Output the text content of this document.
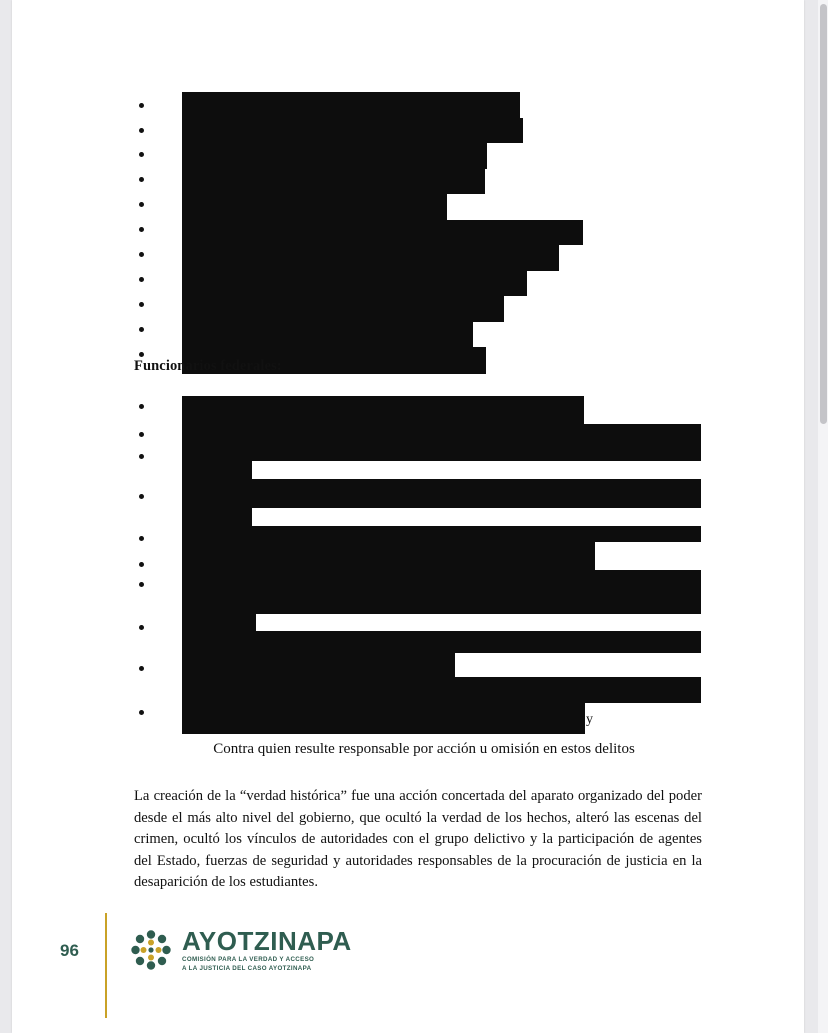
Funcionarios federales:
y
Contra quien resulte responsable por acción u omisión en estos delitos
La creación de la “verdad histórica” fue una acción concertada del aparato organizado del poder desde el más alto nivel del gobierno, que ocultó la verdad de los hechos, alteró las escenas del crimen, ocultó los vínculos de autoridades con el grupo delictivo y la participación de agentes del Estado, fuerzas de seguridad y autoridades responsables de la procuración de justicia en la desaparición de los estudiantes.
96	AYOTZINAPA
COMISIÓN PARA LA VERDAD Y ACCESO
A LA JUSTICIA DEL CASO AYOTZINAPA
